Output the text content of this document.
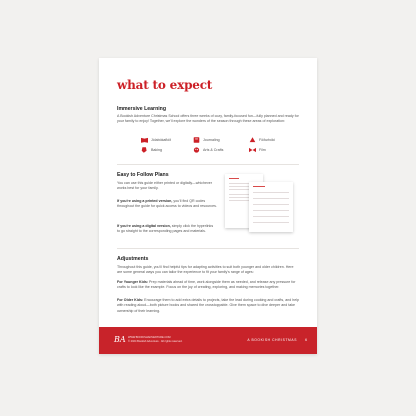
what to expect
Immersive Learning

A Bookish Adventure Christmas School offers three weeks of cozy, family-focused fun—fully planned and ready for your family to enjoy! Together, we'll explore the wonders of the season through these areas of exploration:

Jólabókaflóð	Journaling	Föðurbóki
Baking	Arts & Crafts	Film
Easy to Follow Plans

You can use this guide either printed or digitally—whichever works best for your family.

If you're using a printed version, you'll find QR codes throughout the guide for quick access to videos and resources.

If you're using a digital version, simply click the hyperlinks to go straight to the corresponding pages and materials.

Adjustments

Throughout this guide, you'll find helpful tips for adapting activities to suit both younger and older children. Here are some general ways you can tailor the experience to fit your family's range of ages:

For Younger Kids: Prep materials ahead of time, work alongside them as needed, and release any pressure for crafts to look like the example. Focus on the joy of creating, exploring, and making memories together.

For Older Kids: Encourage them to add extra details to projects, take the lead during cooking and crafts, and help with reading aloud—both picture books and shared the crosstoppable. Give them space to dive deeper and take ownership of their learning.

BA WWW.BOOKISHADVENTURE.COM
© 2024 Bookish Adventure · All rights reserved.	A BOOKISH CHRISTMAS 6
